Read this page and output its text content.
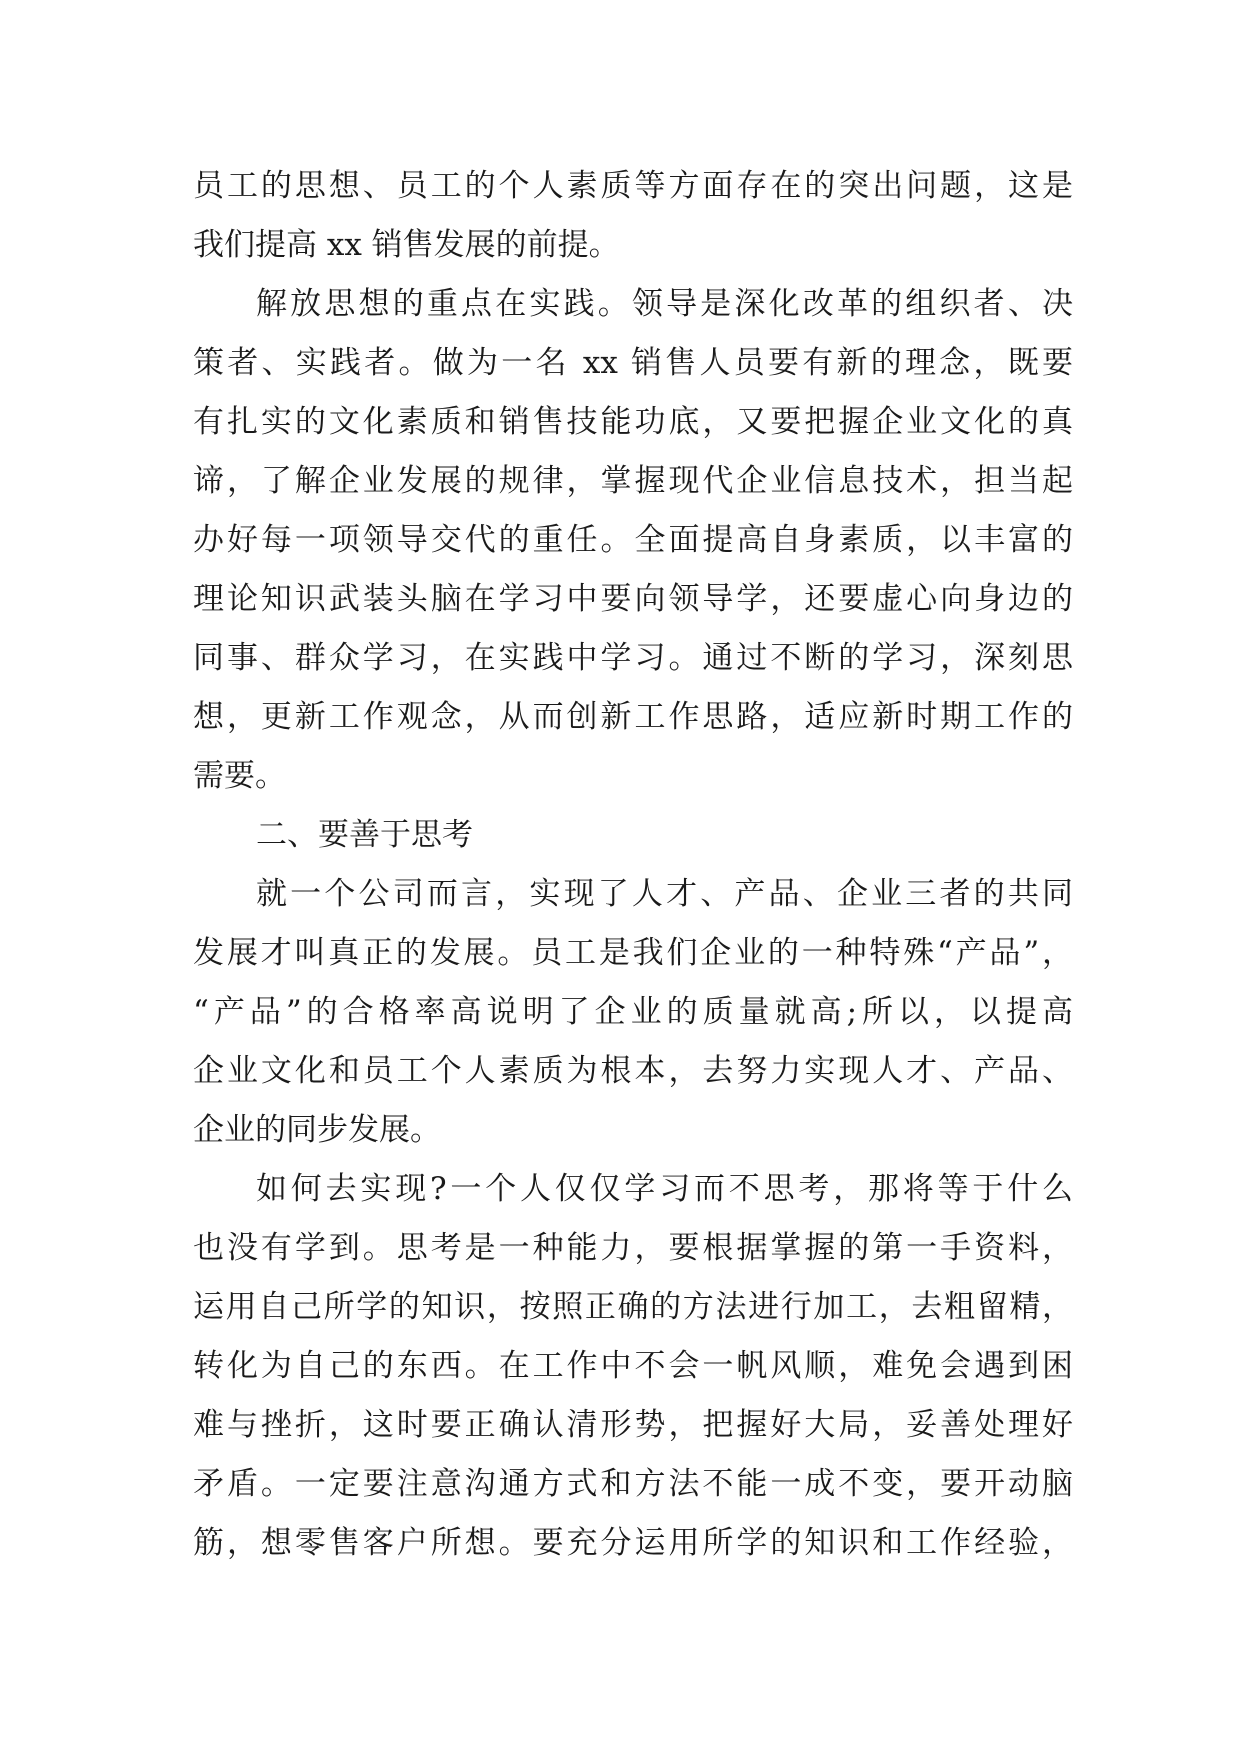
员工的思想、员工的个人素质等方面存在的突出问题，这是
我们提高 xx 销售发展的前提。
解放思想的重点在实践。领导是深化改革的组织者、决
策者、实践者。做为一名 xx 销售人员要有新的理念，既要
有扎实的文化素质和销售技能功底，又要把握企业文化的真
谛，了解企业发展的规律，掌握现代企业信息技术，担当起
办好每一项领导交代的重任。全面提高自身素质，以丰富的
理论知识武装头脑在学习中要向领导学，还要虚心向身边的
同事、群众学习，在实践中学习。通过不断的学习，深刻思
想，更新工作观念，从而创新工作思路，适应新时期工作的
需要。
二、要善于思考
就一个公司而言，实现了人才、产品、企业三者的共同
发展才叫真正的发展。员工是我们企业的一种特殊“产品”，
“产品”的合格率高说明了企业的质量就高;所以，以提高
企业文化和员工个人素质为根本，去努力实现人才、产品、
企业的同步发展。
如何去实现?一个人仅仅学习而不思考，那将等于什么
也没有学到。思考是一种能力，要根据掌握的第一手资料，
运用自己所学的知识，按照正确的方法进行加工，去粗留精，
转化为自己的东西。在工作中不会一帆风顺，难免会遇到困
难与挫折，这时要正确认清形势，把握好大局，妥善处理好
矛盾。一定要注意沟通方式和方法不能一成不变，要开动脑
筋，想零售客户所想。要充分运用所学的知识和工作经验，
